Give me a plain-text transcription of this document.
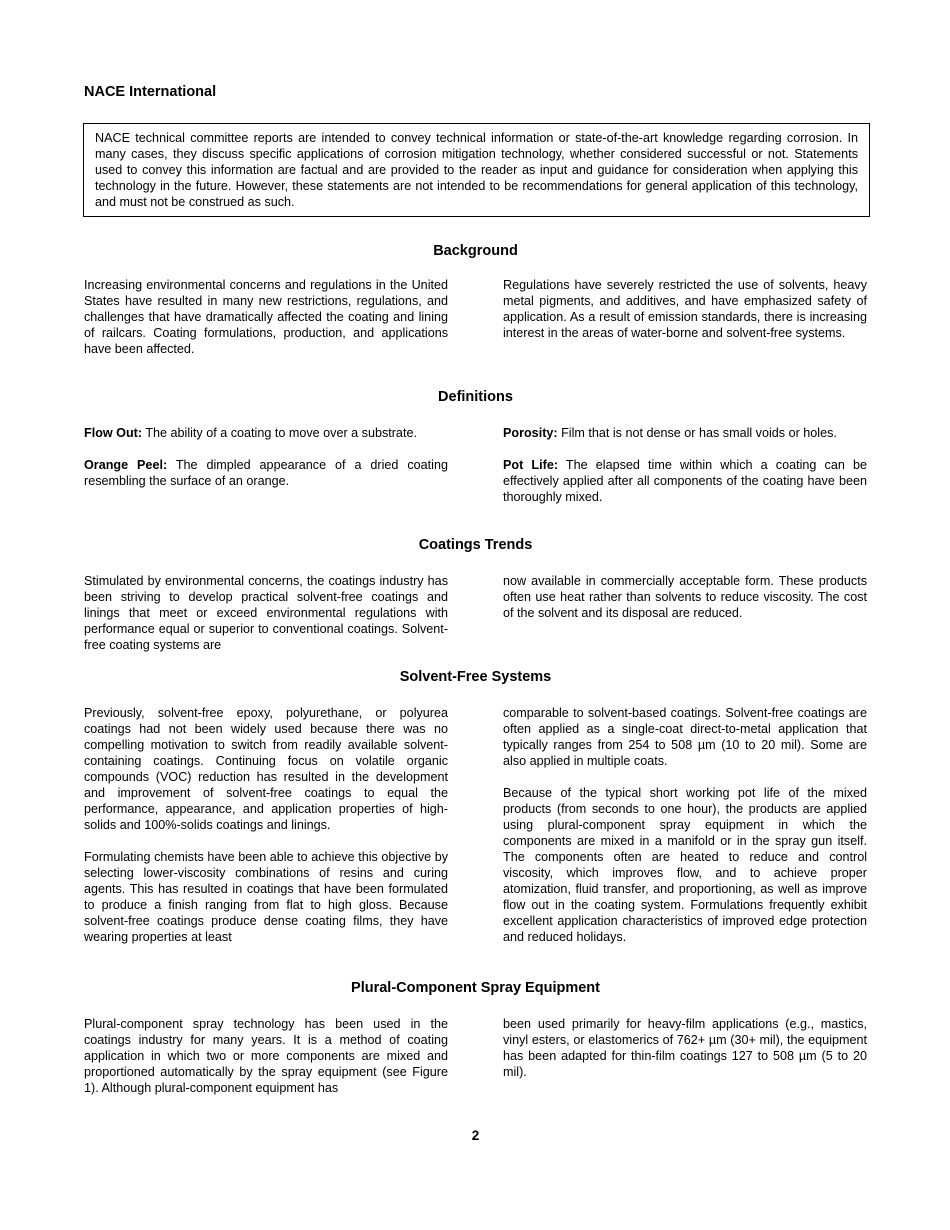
NACE International
NACE technical committee reports are intended to convey technical information or state-of-the-art knowledge regarding corrosion. In many cases, they discuss specific applications of corrosion mitigation technology, whether considered successful or not. Statements used to convey this information are factual and are provided to the reader as input and guidance for consideration when applying this technology in the future. However, these statements are not intended to be recommendations for general application of this technology, and must not be construed as such.
Background

Increasing environmental concerns and regulations in the United States have resulted in many new restrictions, regulations, and challenges that have dramatically affected the coating and lining of railcars. Coating formulations, production, and applications have been affected.

Regulations have severely restricted the use of solvents, heavy metal pigments, and additives, and have emphasized safety of application. As a result of emission standards, there is increasing interest in the areas of water-borne and solvent-free systems.

Definitions

Flow Out: The ability of a coating to move over a substrate.

Orange Peel: The dimpled appearance of a dried coating resembling the surface of an orange.

Porosity: Film that is not dense or has small voids or holes.

Pot Life: The elapsed time within which a coating can be effectively applied after all components of the coating have been thoroughly mixed.

Coatings Trends

Stimulated by environmental concerns, the coatings industry has been striving to develop practical solvent-free coatings and linings that meet or exceed environmental regulations with performance equal or superior to conventional coatings. Solvent-free coating systems are

now available in commercially acceptable form. These products often use heat rather than solvents to reduce viscosity. The cost of the solvent and its disposal are reduced.

Solvent-Free Systems

Previously, solvent-free epoxy, polyurethane, or polyurea coatings had not been widely used because there was no compelling motivation to switch from readily available solvent-containing coatings. Continuing focus on volatile organic compounds (VOC) reduction has resulted in the development and improvement of solvent-free coatings to equal the performance, appearance, and application properties of high-solids and 100%-solids coatings and linings.

Formulating chemists have been able to achieve this objective by selecting lower-viscosity combinations of resins and curing agents. This has resulted in coatings that have been formulated to produce a finish ranging from flat to high gloss. Because solvent-free coatings produce dense coating films, they have wearing properties at least

comparable to solvent-based coatings. Solvent-free coatings are often applied as a single-coat direct-to-metal application that typically ranges from 254 to 508 µm (10 to 20 mil). Some are also applied in multiple coats.

Because of the typical short working pot life of the mixed products (from seconds to one hour), the products are applied using plural-component spray equipment in which the components are mixed in a manifold or in the spray gun itself. The components often are heated to reduce and control viscosity, which improves flow, and to achieve proper atomization, fluid transfer, and proportioning, as well as improve flow out in the coating system. Formulations frequently exhibit excellent application characteristics of improved edge protection and reduced holidays.

Plural-Component Spray Equipment

Plural-component spray technology has been used in the coatings industry for many years. It is a method of coating application in which two or more components are mixed and proportioned automatically by the spray equipment (see Figure 1). Although plural-component equipment has

been used primarily for heavy-film applications (e.g., mastics, vinyl esters, or elastomerics of 762+ µm (30+ mil), the equipment has been adapted for thin-film coatings 127 to 508 µm (5 to 20 mil).

2
